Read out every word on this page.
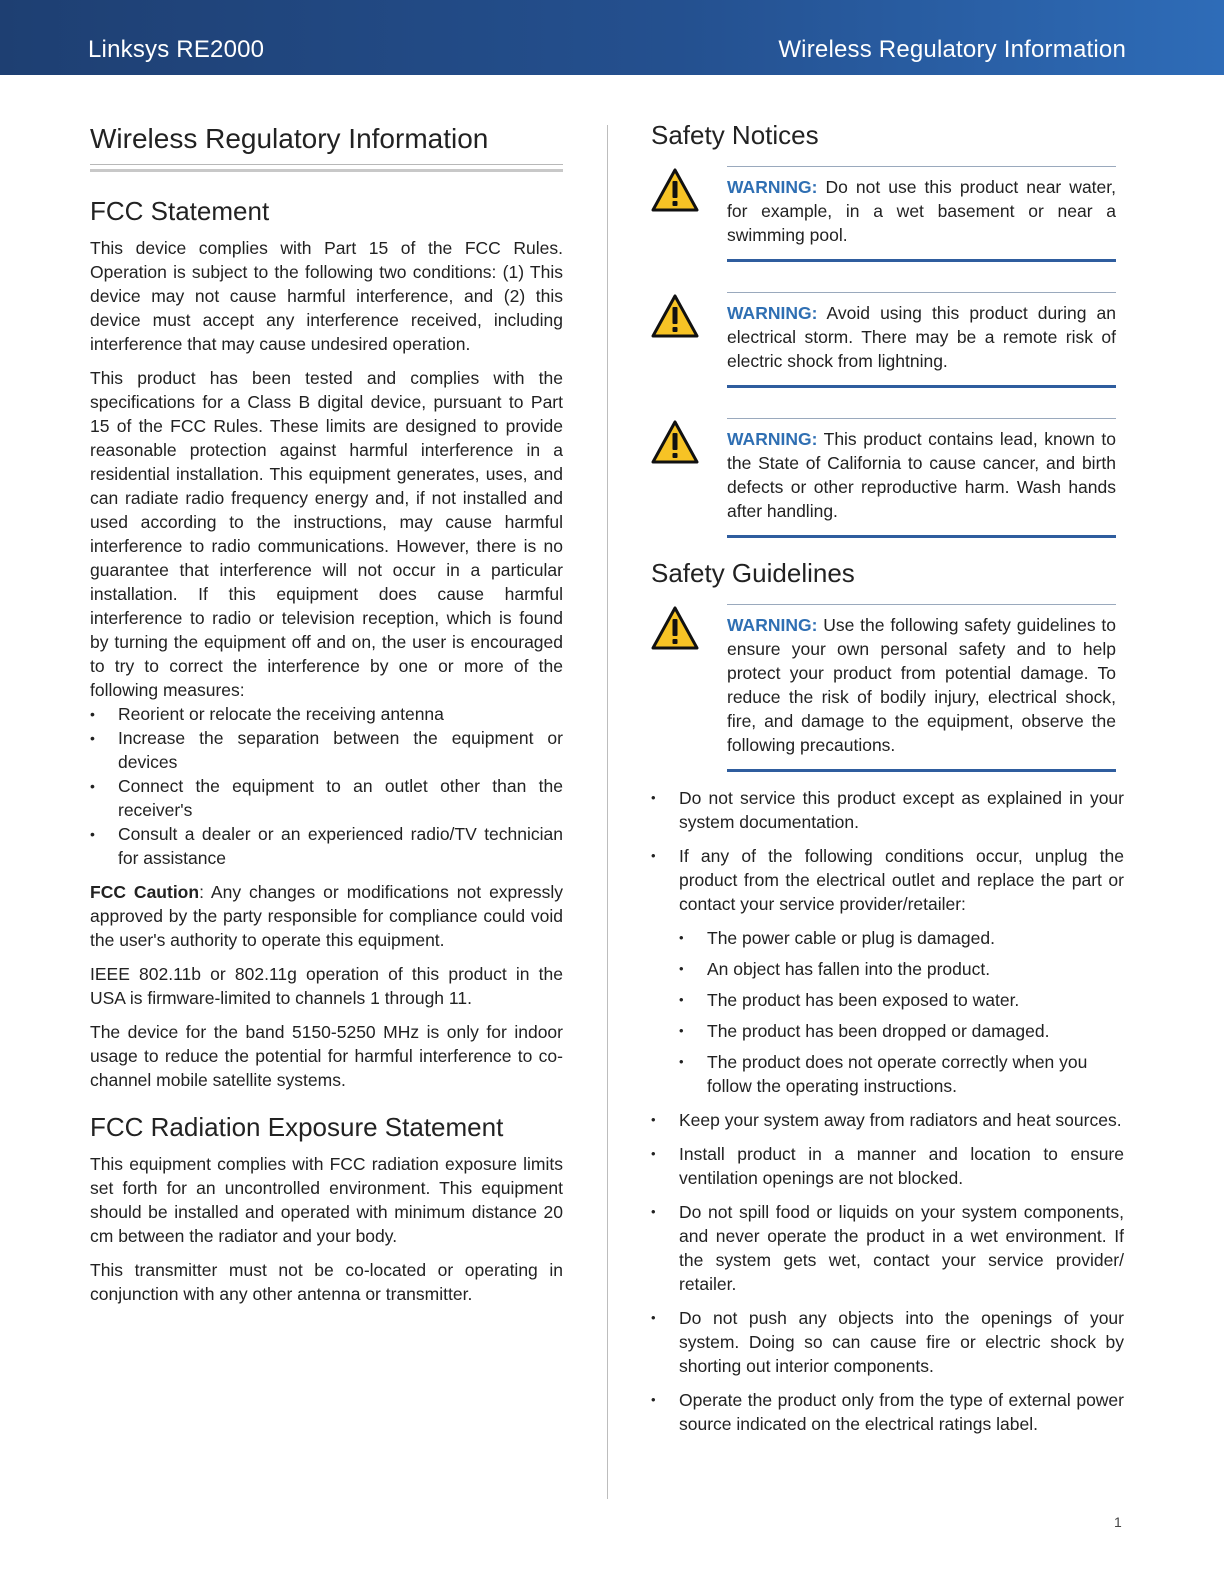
Linksys RE2000	Wireless Regulatory Information
Wireless Regulatory Information
FCC Statement

This device complies with Part 15 of the FCC Rules. Operation is subject to the following two conditions: (1) This device may not cause harmful interference, and (2) this device must accept any interference received, including interference that may cause undesired operation.

This product has been tested and complies with the specifications for a Class B digital device, pursuant to Part 15 of the FCC Rules. These limits are designed to provide reasonable protection against harmful interference in a residential installation. This equipment generates, uses, and can radiate radio frequency energy and, if not installed and used according to the instructions, may cause harmful interference to radio communications. However, there is no guarantee that interference will not occur in a particular installation. If this equipment does cause harmful interference to radio or television reception, which is found by turning the equipment off and on, the user is encouraged to try to correct the interference by one or more of the following measures:

• Reorient or relocate the receiving antenna
• Increase the separation between the equipment or devices
• Connect the equipment to an outlet other than the receiver's
• Consult a dealer or an experienced radio/TV technician for assistance

FCC Caution: Any changes or modifications not expressly approved by the party responsible for compliance could void the user's authority to operate this equipment.

IEEE 802.11b or 802.11g operation of this product in the USA is firmware-limited to channels 1 through 11.

The device for the band 5150-5250 MHz is only for indoor usage to reduce the potential for harmful interference to co-channel mobile satellite systems.

FCC Radiation Exposure Statement

This equipment complies with FCC radiation exposure limits set forth for an uncontrolled environment. This equipment should be installed and operated with minimum distance 20 cm between the radiator and your body.

This transmitter must not be co-located or operating in conjunction with any other antenna or transmitter.

Safety Notices
WARNING: Do not use this product near water, for example, in a wet basement or near a swimming pool.
WARNING: Avoid using this product during an electrical storm. There may be a remote risk of electric shock from lightning.
WARNING: This product contains lead, known to the State of California to cause cancer, and birth defects or other reproductive harm. Wash hands after handling.
Safety Guidelines
WARNING: Use the following safety guidelines to ensure your own personal safety and to help protect your product from potential damage. To reduce the risk of bodily injury, electrical shock, fire, and damage to the equipment, observe the following precautions.
• Do not service this product except as explained in your system documentation.
• If any of the following conditions occur, unplug the product from the electrical outlet and replace the part or contact your service provider/retailer:
• The power cable or plug is damaged.
• An object has fallen into the product.
• The product has been exposed to water.
• The product has been dropped or damaged.
• The product does not operate correctly when you follow the operating instructions.
• Keep your system away from radiators and heat sources.
• Install product in a manner and location to ensure ventilation openings are not blocked.
• Do not spill food or liquids on your system components, and never operate the product in a wet environment. If the system gets wet, contact your service provider/ retailer.
• Do not push any objects into the openings of your system. Doing so can cause fire or electric shock by shorting out interior components.
• Operate the product only from the type of external power source indicated on the electrical ratings label.
1
